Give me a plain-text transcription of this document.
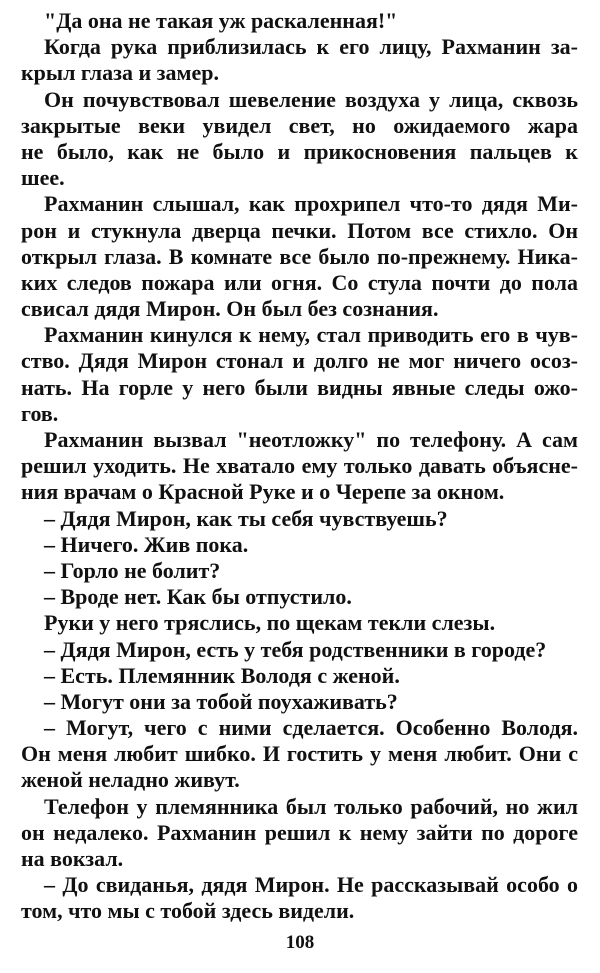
"Да она не такая уж раскаленная!"
Когда рука приблизилась к его лицу, Рахманин за-
крыл глаза и замер.
Он почувствовал шевеление воздуха у лица, сквозь
закрытые веки увидел свет, но ожидаемого жара
не было, как не было и прикосновения пальцев к
шее.
Рахманин слышал, как прохрипел что-то дядя Ми-
рон и стукнула дверца печки. Потом все стихло. Он
открыл глаза. В комнате все было по-прежнему. Ника-
ких следов пожара или огня. Со стула почти до пола
свисал дядя Мирон. Он был без сознания.
Рахманин кинулся к нему, стал приводить его в чув-
ство. Дядя Мирон стонал и долго не мог ничего осоз-
нать. На горле у него были видны явные следы ожо-
гов.
Рахманин вызвал "неотложку" по телефону. А сам
решил уходить. Не хватало ему только давать объясне-
ния врачам о Красной Руке и о Черепе за окном.
– Дядя Мирон, как ты себя чувствуешь?
– Ничего. Жив пока.
– Горло не болит?
– Вроде нет. Как бы отпустило.
Руки у него тряслись, по щекам текли слезы.
– Дядя Мирон, есть у тебя родственники в городе?
– Есть. Племянник Володя с женой.
– Могут они за тобой поухаживать?
– Могут, чего с ними сделается. Особенно Володя.
Он меня любит шибко. И гостить у меня любит. Они с
женой неладно живут.
Телефон у племянника был только рабочий, но жил
он недалеко. Рахманин решил к нему зайти по дороге
на вокзал.
– До свиданья, дядя Мирон. Не рассказывай особо о
том, что мы с тобой здесь видели.
108
